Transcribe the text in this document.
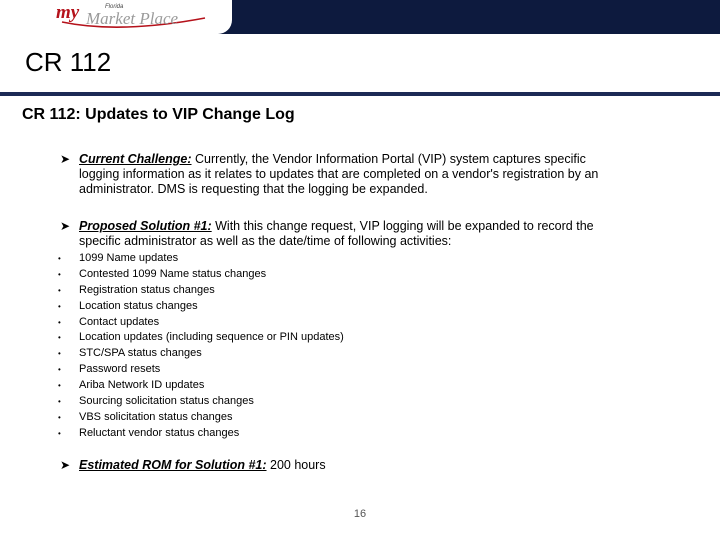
my	Florida
Market Place
CR 112
CR 112: Updates to VIP Change Log
➤ Current Challenge: Currently, the Vendor Information Portal (VIP) system captures specific
logging information as it relates to updates that are completed on a vendor's registration by an
administrator. DMS is requesting that the logging be expanded.
➤ Proposed Solution #1: With this change request, VIP logging will be expanded to record the
specific administrator as well as the date/time of following activities:
• 1099 Name updates
• Contested 1099 Name status changes
• Registration status changes
• Location status changes
• Contact updates
• Location updates (including sequence or PIN updates)
• STC/SPA status changes
• Password resets
• Ariba Network ID updates
• Sourcing solicitation status changes
• VBS solicitation status changes
• Reluctant vendor status changes
➤ Estimated ROM for Solution #1: 200 hours
16
